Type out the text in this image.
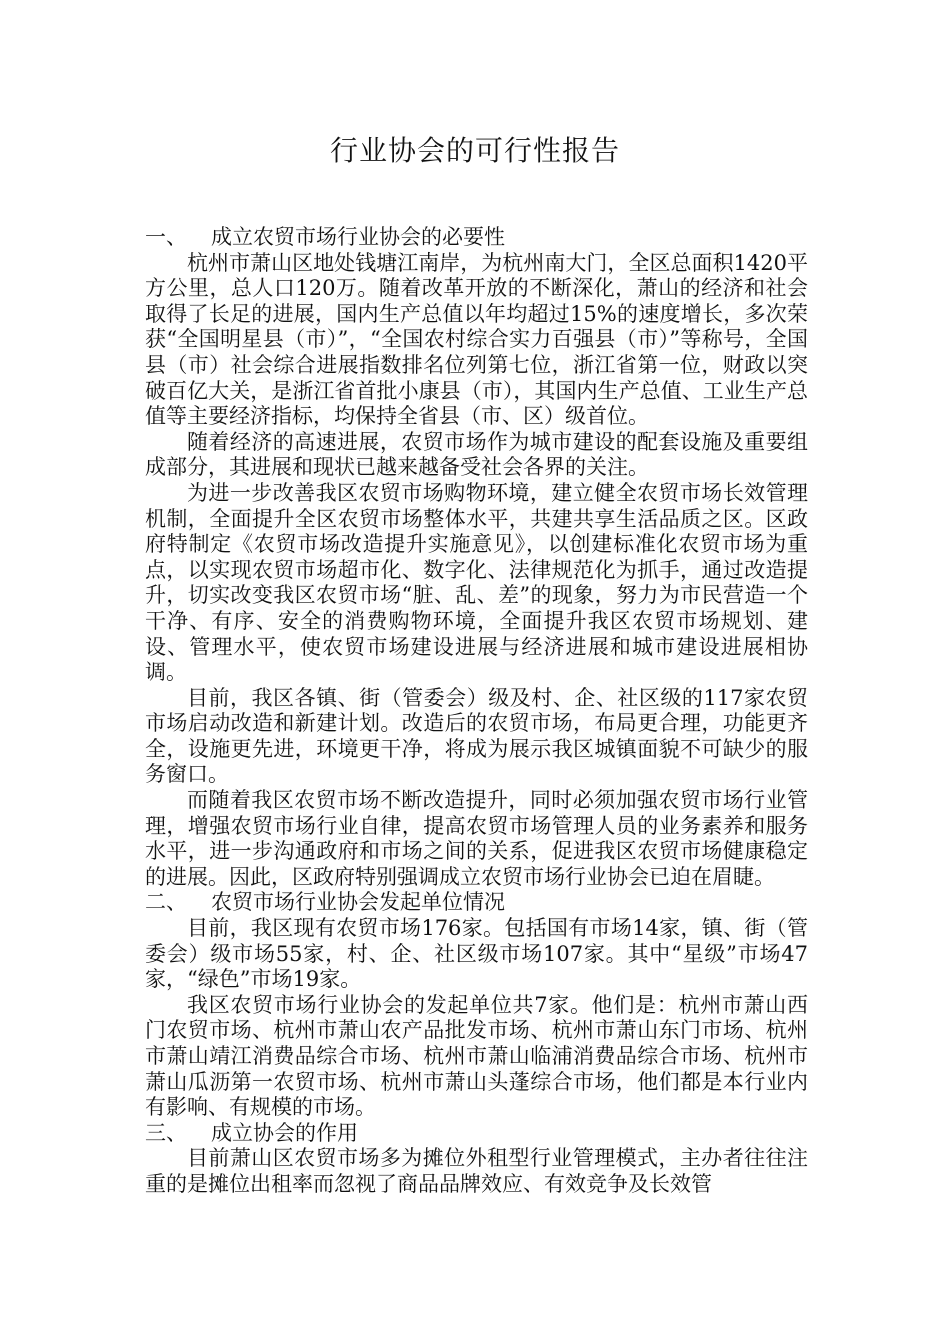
行业协会的可行性报告
一、 成立农贸市场行业协会的必要性

杭州市萧山区地处钱塘江南岸，为杭州南大门，全区总面积1420平方公里，总人口120万。随着改革开放的不断深化，萧山的经济和社会取得了长足的进展，国内生产总值以年均超过15%的速度增长，多次荣获“全国明星县（市）”，“全国农村综合实力百强县（市）”等称号，全国县（市）社会综合进展指数排名位列第七位，浙江省第一位，财政以突破百亿大关，是浙江省首批小康县（市），其国内生产总值、工业生产总值等主要经济指标，均保持全省县（市、区）级首位。

随着经济的高速进展，农贸市场作为城市建设的配套设施及重要组成部分，其进展和现状已越来越备受社会各界的关注。

为进一步改善我区农贸市场购物环境，建立健全农贸市场长效管理机制，全面提升全区农贸市场整体水平，共建共享生活品质之区。区政府特制定《农贸市场改造提升实施意见》，以创建标准化农贸市场为重点，以实现农贸市场超市化、数字化、法律规范化为抓手，通过改造提升，切实改变我区农贸市场“脏、乱、差”的现象，努力为市民营造一个干净、有序、安全的消费购物环境，全面提升我区农贸市场规划、建设、管理水平，使农贸市场建设进展与经济进展和城市建设进展相协调。

目前，我区各镇、街（管委会）级及村、企、社区级的117家农贸市场启动改造和新建计划。改造后的农贸市场，布局更合理，功能更齐全，设施更先进，环境更干净，将成为展示我区城镇面貌不可缺少的服务窗口。

而随着我区农贸市场不断改造提升，同时必须加强农贸市场行业管理，增强农贸市场行业自律，提高农贸市场管理人员的业务素养和服务水平，进一步沟通政府和市场之间的关系，促进我区农贸市场健康稳定的进展。因此，区政府特别强调成立农贸市场行业协会已迫在眉睫。

二、 农贸市场行业协会发起单位情况

目前，我区现有农贸市场176家。包括国有市场14家，镇、街（管委会）级市场55家，村、企、社区级市场107家。其中“星级”市场47家，“绿色”市场19家。

我区农贸市场行业协会的发起单位共7家。他们是：杭州市萧山西门农贸市场、杭州市萧山农产品批发市场、杭州市萧山东门市场、杭州市萧山靖江消费品综合市场、杭州市萧山临浦消费品综合市场、杭州市萧山瓜沥第一农贸市场、杭州市萧山头蓬综合市场，他们都是本行业内有影响、有规模的市场。

三、 成立协会的作用

目前萧山区农贸市场多为摊位外租型行业管理模式，主办者往往注重的是摊位出租率而忽视了商品品牌效应、有效竞争及长效管
